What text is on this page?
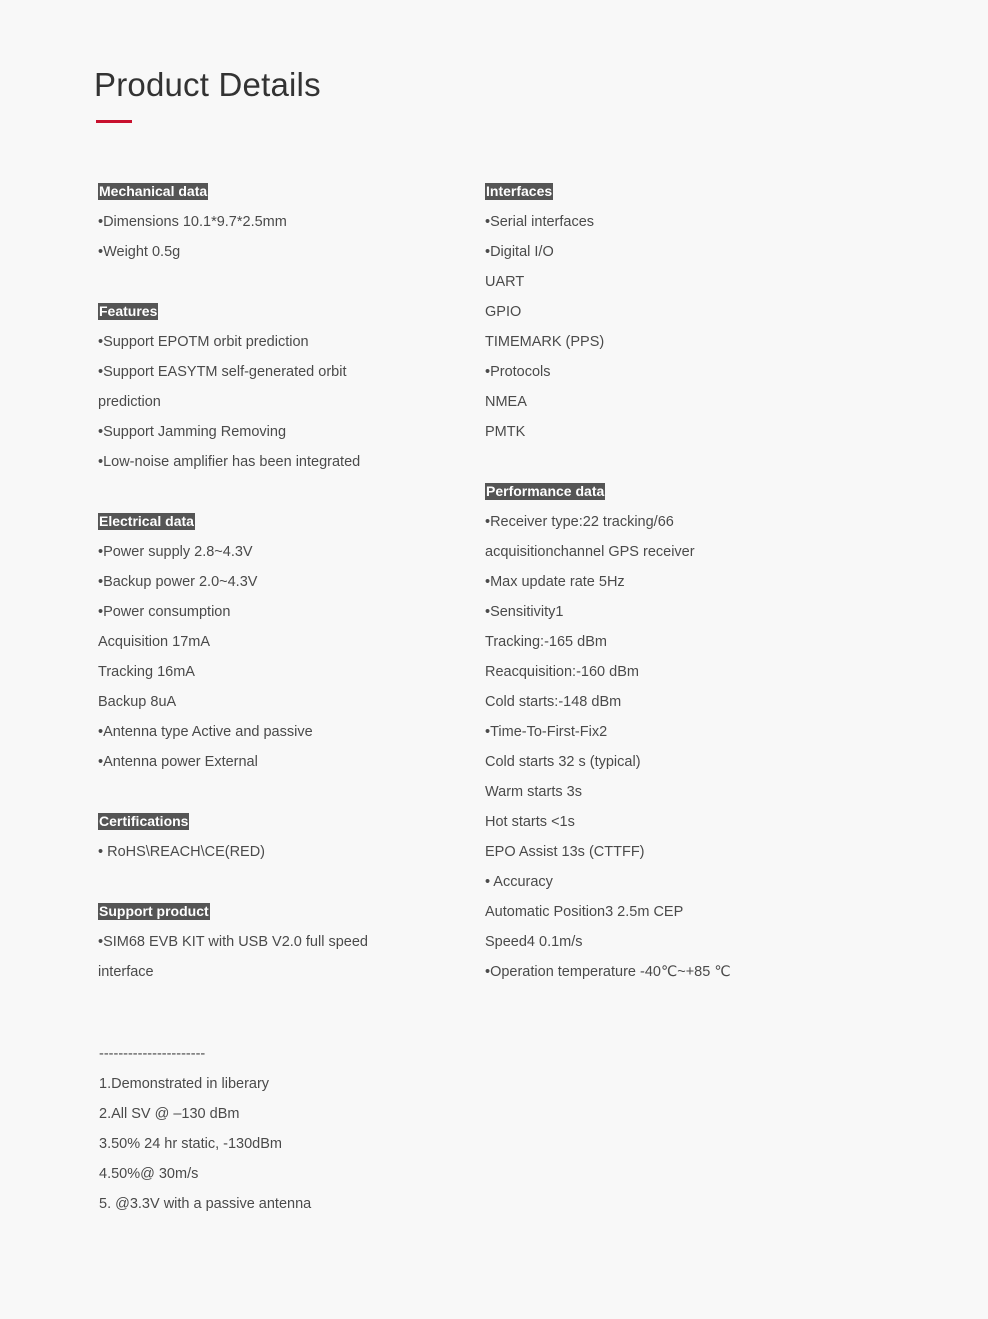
Product Details
Mechanical data
•Dimensions 10.1*9.7*2.5mm
•Weight 0.5g
Features
•Support EPOTM orbit prediction
•Support EASYTM self-generated orbit
prediction
•Support Jamming Removing
•Low-noise amplifier has been integrated
Electrical data
•Power supply 2.8~4.3V
•Backup power 2.0~4.3V
•Power consumption
Acquisition 17mA
Tracking 16mA
Backup 8uA
•Antenna type Active and passive
•Antenna power External
Certifications
• RoHS\REACH\CE(RED)
Support product
•SIM68 EVB KIT with USB V2.0 full speed
interface
Interfaces
•Serial interfaces
•Digital I/O
UART
GPIO
TIMEMARK (PPS)
•Protocols
NMEA
PMTK
Performance data
•Receiver type:22 tracking/66
acquisitionchannel GPS receiver
•Max update rate 5Hz
•Sensitivity1
Tracking:-165 dBm
Reacquisition:-160 dBm
Cold starts:-148 dBm
•Time-To-First-Fix2
Cold starts 32 s (typical)
Warm starts 3s
Hot starts <1s
EPO Assist 13s (CTTFF)
• Accuracy
Automatic Position3 2.5m CEP
Speed4 0.1m/s
•Operation temperature -40℃~+85 ℃
----------------------
1.Demonstrated in liberary
2.All SV @ –130 dBm
3.50% 24 hr static, -130dBm
4.50%@ 30m/s
5. @3.3V with a passive antenna
